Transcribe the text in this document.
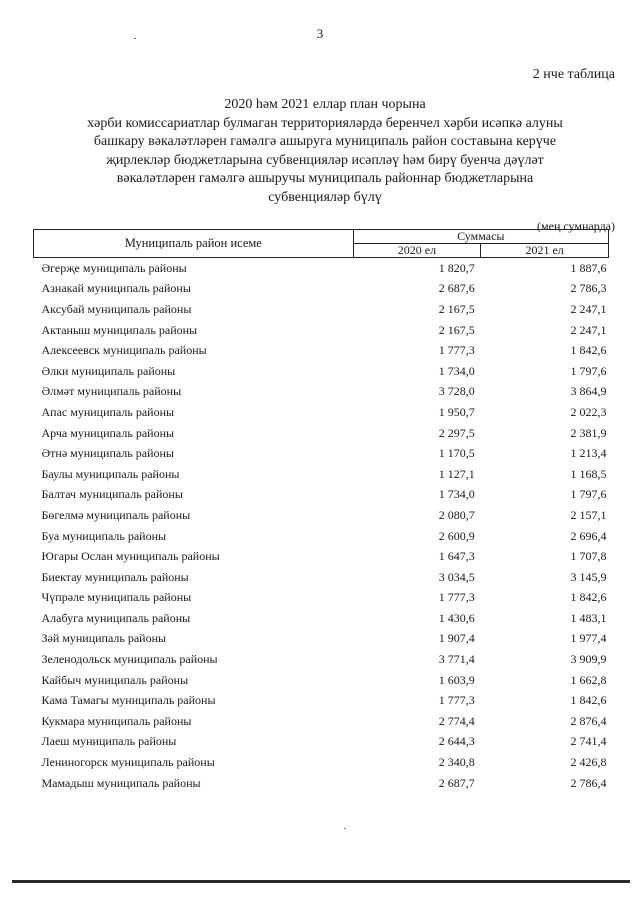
3
2 нче таблица
2020 һәм 2021 еллар план чорына
хәрби комиссариатлар булмаган территорияләрдә беренчел хәрби исәпкә алуны
башкару вәкаләтләрен гамәлгә ашыруга муниципаль район составына керүче
җирлекләр бюджетларына субвенцияләр исәпләү һәм бирү буенча дәүләт
вәкаләтләрен гамәлгә ашыручы муниципаль районнар бюджетларына
субвенцияләр бүлү
(мең сумнарда)
Муниципаль район исеме	Суммасы	
	2020 ел	2021 ел
Әгерҗе муниципаль районы	1 820,7	1 887,6
Азнакай муниципаль районы	2 687,6	2 786,3
Аксубай муниципаль районы	2 167,5	2 247,1
Актаныш муниципаль районы	2 167,5	2 247,1
Алексеевск муниципаль районы	1 777,3	1 842,6
Әлки муниципаль районы	1 734,0	1 797,6
Әлмәт муниципаль районы	3 728,0	3 864,9
Апас муниципаль районы	1 950,7	2 022,3
Арча муниципаль районы	2 297,5	2 381,9
Әтнә муниципаль районы	1 170,5	1 213,4
Баулы муниципаль районы	1 127,1	1 168,5
Балтач муниципаль районы	1 734,0	1 797,6
Бөгелмә муниципаль районы	2 080,7	2 157,1
Буа муниципаль районы	2 600,9	2 696,4
Югары Ослан муниципаль районы	1 647,3	1 707,8
Биектау муниципаль районы	3 034,5	3 145,9
Чүпрәле муниципаль районы	1 777,3	1 842,6
Алабуга муниципаль районы	1 430,6	1 483,1
Зәй муниципаль районы	1 907,4	1 977,4
Зеленодольск муниципаль районы	3 771,4	3 909,9
Кайбыч муниципаль районы	1 603,9	1 662,8
Кама Тамагы муниципаль районы	1 777,3	1 842,6
Кукмара муниципаль районы	2 774,4	2 876,4
Лаеш муниципаль районы	2 644,3	2 741,4
Лениногорск муниципаль районы	2 340,8	2 426,8
Мамадыш муниципаль районы	2 687,7	2 786,4
